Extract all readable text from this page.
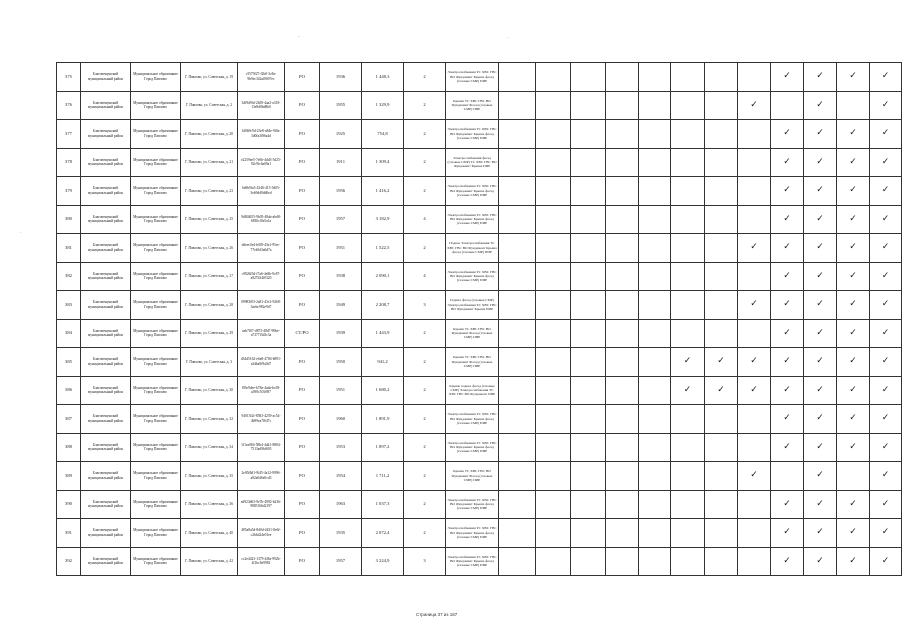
-	.
·
375	Благовещенский муниципальный район	Муниципальное образование Город Павлово	Г. Павлово, ул. Советская, д. 19	c5579f27-f2b0-3c8a-9b9ec342af0697ec	РО	1936	1 448,3	2	Электроснабжения ТС ХВС ГВС ВО Фундамент Крыша фасад (газовые СМР) ПИР									✓	✓	✓	✓
376	Благовещенский муниципальный район	Муниципальное образование Город Павлово	Г. Павлово, ул. Советская, д. 2	3df9d9fd-2b50-4aa2-a318-13e8d0bd8b0	РО	1955	1 329,9	2	Крыша ТС ХВС ГВС ВО Фундамент Фасад (газовые СМР) ПИР								✓		✓		✓
377	Благовещенский муниципальный район	Муниципальное образование Город Павлово	Г. Павлово, ул. Советская, д. 20	1d0b9c9d-23e8-a84e-9f0a-3d0fa3f86a4d	РО	1925	754,8	2	Электроснабжения ТС ХВС ГВС ВО Фундамент Крыша фасад (газовые СМР) ПИР									✓	✓	✓	✓
378	Благовещенский муниципальный район	Муниципальное образование Город Павлово	Г. Павлово, ул. Советская, д. 21	e2259ee5-7e0b-4dd3-5d25-92c9fc6a09a1	РО	1911	1 309,4	2	Электроснабжения фасад (газовые СМР) ТС ХВС ГВС ВО Фундамент Крыша ПИР									✓	✓	✓	✓
379	Благовещенский муниципальный район	Муниципальное образование Город Павлово	Г. Павлово, ул. Советская, д. 23	6e8b9fa5-4346-415-5d05-3eb9dd9dd0ed	РО	1956	1 416,2	2	Электроснабжения ТС ХВС ГВС ВО Фундамент Крыша фасад (газовые СМР) ПИР									✓	✓	✓	✓
380	Благовещенский муниципальный район	Муниципальное образование Город Павлово	Г. Павлово, ул. Советская, д. 25	9d8f4655-9b05-48ab-abd8-6830cf0e5a1a	РО	1957	3 182,9	4	Электроснабжения ТС ХВС ГВС ВО Фундамент Крыша фасад (газовые СМР) ПИР									✓	✓	✓	✓
381	Благовещенский муниципальный район	Муниципальное образование Город Павлово	Г. Павлово, ул. Советская, д. 26	ddeec0e4-b0f8-43a1-95ec-77eb5d3a6d7a	РО	1951	1 522,5	2	Подвал Электроснабжения ТС ХВС ГВС ВО Фундамент Крыша фасад (газовые СМР) ПИР								✓	✓	✓	✓	✓
382	Благовещенский муниципальный район	Муниципальное образование Город Павлово	Г. Павлово, ул. Советская, д. 27	c9826f5d-f7a6-4e8b-9c87-a827b34f0320	РО	1938	2 090,1	4	Электроснабжения ТС ХВС ГВС ВО Фундамент Крыша фасад (газовые СМР) ПИР									✓	✓	✓	✓
383	Благовещенский муниципальный район	Муниципальное образование Город Павлово	Г. Павлово, ул. Советская, д. 28	09983f03-2a81-43c3-9268-3aebc982e9d7	РО	1949	2 208,7	3	Подвал фасад (газовые СМР) Электроснабжения ТС ХВС ГВС ВО Фундамент Крыша ПИР								✓	✓	✓	✓	✓
384	Благовещенский муниципальный район	Муниципальное образование Город Павлово	Г. Павлово, ул. Советская, д. 29	aeb7f07-d873-48d7-90be-a7377f3d3c3a	СТ/РО	1939	1 443,9	2	Крыша ТС ХВС ГВС ВО Фундамент Фасад (газовые СМР) ПИР									✓	✓	✓	✓
385	Благовещенский муниципальный район	Муниципальное образование Город Павлово	Г. Павлово, ул. Советская, д. 3	d34d5162-e6a8-4784-b891-a3dba9f9a0d7	РО	1950	941,2	2	Крыша ТС ХВС ГВС ВО Фундамент Фасад (газовые СМР) ПИР						✓	✓	✓	✓	✓	✓	✓
386	Благовещенский муниципальный район	Муниципальное образование Город Павлово	Г. Павлово, ул. Советская, д. 30	f93e9dee-b78a-4ada-bc58-a398c5f3f697	РО	1951	1 680,2	2	Крыша подвал фасад (газовые СМР) Электроснабжения ТС ХВС ГВС ВО Фундамент ПИР						✓	✓	✓	✓	✓	✓	✓
387	Благовещенский муниципальный район	Муниципальное образование Город Павлово	Г. Павлово, ул. Советская, д. 32	94015f2f-8583-4239-ac54-4b99ea7f647c	РО	1960	1 891,9	2	Электроснабжения ТС ХВС ГВС ВО Фундамент Крыша фасад (газовые СМР) ПИР									✓	✓	✓	✓
388	Благовещенский муниципальный район	Муниципальное образование Город Павлово	Г. Павлово, ул. Советская, д. 34	1f1ea084-58b4-4d41-8884-7513ad9bf603	РО	1953	1 897,2	2	Электроснабжения ТС ХВС ГВС ВО Фундамент Крыша фасад (газовые СМР) ПИР									✓	✓	✓	✓
389	Благовещенский муниципальный район	Муниципальное образование Город Павлово	Г. Павлово, ул. Советская, д. 35	2e05f8d1-9f45-4a12-9996-a82a0d6e0cd3	РО	1954	1 711,2	2	Крыша ТС ХВС ГВС ВО Фундамент Фасад (газовые СМР) ПИР								✓		✓		✓
390	Благовещенский муниципальный район	Муниципальное образование Город Павлово	Г. Павлово, ул. Советская, д. 36	ed923d63-9e7b-4992-b236-9885166d2197	РО	1963	1 037,3	2	Электроснабжения ТС ХВС ГВС ВО Фундамент Крыша фасад (газовые СМР) ПИР									✓	✓	✓	✓
391	Благовещенский муниципальный район	Муниципальное образование Город Павлово	Г. Павлово, ул. Советская, д. 40	485a8a5d-8d0d-4431-8e6f-c2b6d24e01ee	РО	1935	2 072,4	2	Электроснабжения ТС ХВС ГВС ВО Фундамент Крыша фасад (газовые СМР) ПИР									✓	✓	✓	✓
392	Благовещенский муниципальный район	Муниципальное образование Город Павлово	Г. Павлово, ул. Советская, д. 42	cc2e4423-1379-4f8a-992b-4f1bc8e9982	РО	1957	3 224,9	3	Электроснабжения ТС ХВС ГВС ВО Фундамент Крыша фасад (газовые СМР) ПИР									✓	✓	✓	✓
Страница 37 из 187
